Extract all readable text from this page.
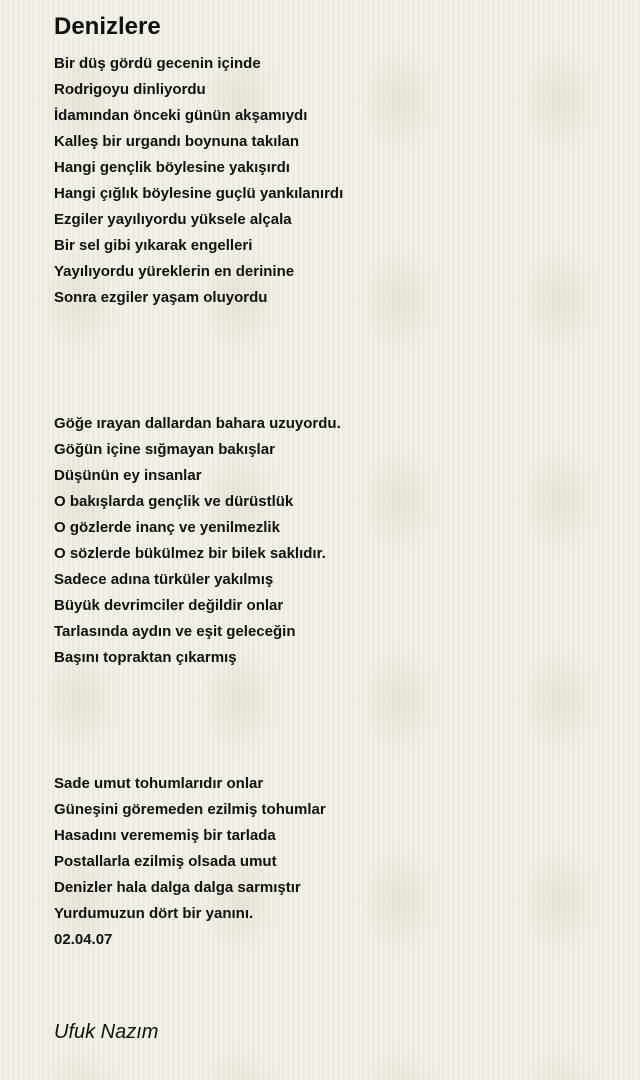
Denizlere
Bir düş gördü gecenin içinde
Rodrigoyu dinliyordu
İdamından önceki günün akşamıydı
Kalleş bir urgandı boynuna takılan
Hangi gençlik böylesine yakışırdı
Hangi çığlık böylesine guçlü yankılanırdı
Ezgiler yayılıyordu yüksele alçala
Bir sel gibi yıkarak engelleri
Yayılıyordu yüreklerin en derinine
Sonra ezgiler yaşam oluyordu
Göğe ırayan dallardan bahara uzuyordu.
Göğün içine sığmayan bakışlar
Düşünün ey insanlar
O bakışlarda gençlik ve dürüstlük
O gözlerde inanç ve yenilmezlik
O sözlerde bükülmez bir bilek saklıdır.
Sadece adına türküler yakılmış
Büyük devrimciler değildir onlar
Tarlasında aydın ve eşit geleceğin
Başını topraktan çıkarmış
Sade umut tohumlarıdır onlar
Güneşini göremeden ezilmiş tohumlar
Hasadını verememiş bir tarlada
Postallarla ezilmiş olsada umut
Denizler hala dalga dalga sarmıştır
Yurdumuzun dört bir yanını.
02.04.07
Ufuk Nazım
